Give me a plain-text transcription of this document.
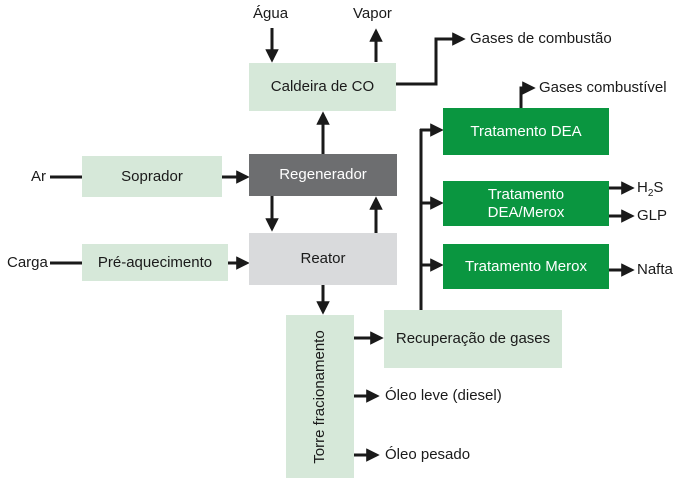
Água	Vapor
Ar
Carga
Gases de combustão
Gases combustível
$H_2S$
GLP
Nafta
Óleo leve (diesel)
Óleo pesado
Caldeira de CO
Soprador	Regenerador
Pré-aquecimento	Reator
Torre fracionamento	Recuperação de gases
Tratamento DEA
Tratamento
DEA/Merox
Tratamento Merox
